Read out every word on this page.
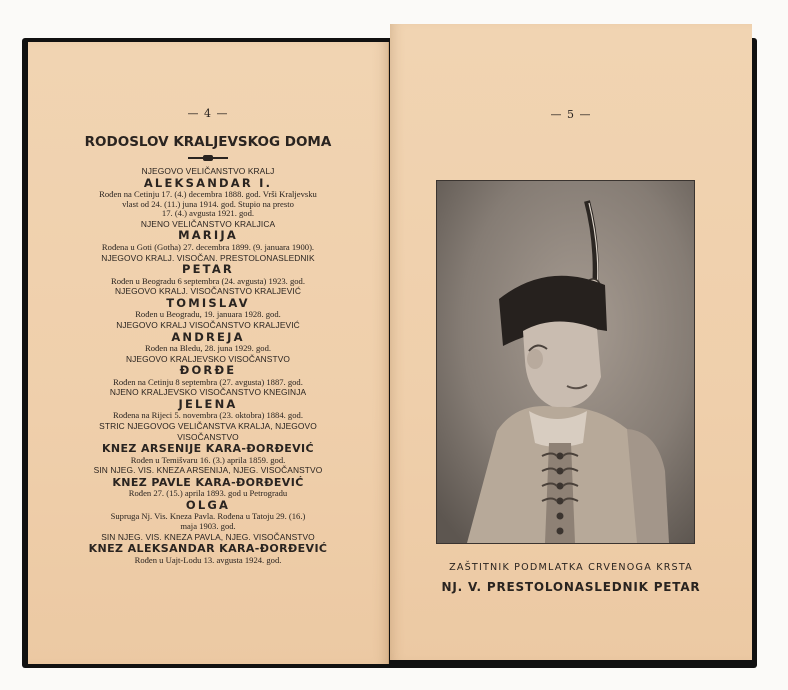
— 4 —
RODOSLOV KRALJEVSKOG DOMA
NJEGOVO VELIČANSTVO KRALJ
ALEKSANDAR I.
Rođen na Cetinju 17. (4.) decembra 1888. god. Vrši Kraljevsku
vlast od 24. (11.) juna 1914. god. Stupio na presto
17. (4.) avgusta 1921. god.
NJENO VELIČANSTVO KRALJICA
MARIJA
Rođena u Goti (Gotha) 27. decembra 1899. (9. januara 1900).
NJEGOVO KRALJ. VISOČAN. PRESTOLONASLEDNIK
PETAR
Rođen u Beogradu 6 septembra (24. avgusta) 1923. god.
NJEGOVO KRALJ. VISOČANSTVO KRALJEVIĆ
TOMISLAV
Rođen u Beogradu, 19. januara 1928. god.
NJEGOVO KRALJ VISOČANSTVO KRALJEVIĆ
ANDREJA
Rođen na Bledu, 28. juna 1929. god.
NJEGOVO KRALJEVSKO VISOČANSTVO
ĐORĐE
Rođen na Cetinju 8 septembra (27. avgusta) 1887. god.
NJENO KRALJEVSKO VISOČANSTVO KNEGINJA
JELENA
Rođena na Rijeci 5. novembra (23. oktobra) 1884. god.
STRIC NJEGOVOG VELIČANSTVA KRALJA, NJEGOVO
VISOČANSTVO
KNEZ ARSENIJE KARA-ĐORĐEVIĆ
Rođen u Temišvaru 16. (3.) aprila 1859. god.
SIN NJEG. VIS. KNEZA ARSENIJA, NJEG. VISOČANSTVO
KNEZ PAVLE KARA-ĐORĐEVIĆ
Rođen 27. (15.) aprila 1893. god u Petrogradu
OLGA
Supruga Nj. Vis. Kneza Pavla. Rođena u Tatoju 29. (16.)
maja 1903. god.
SIN NJEG. VIS. KNEZA PAVLA, NJEG. VISOČANSTVO
KNEZ ALEKSANDAR KARA-ĐORĐEVIĆ
Rođen u Uajt-Lodu 13. avgusta 1924. god.
— 5 —
ZAŠTITNIK PODMLATKA CRVENOGA KRSTA
NJ. V. PRESTOLONASLEDNIK PETAR
